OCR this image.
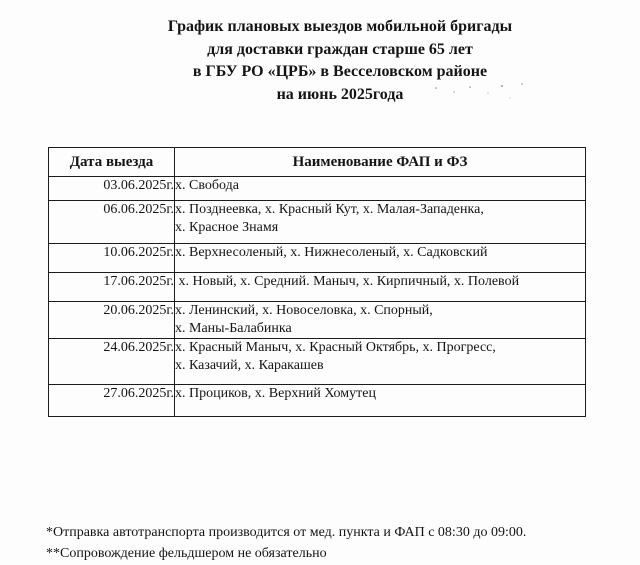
График плановых выездов мобильной бригады
для доставки граждан старше 65 лет
в ГБУ РО «ЦРБ» в Весселовском районе
на июнь 2025года
Дата выезда	Наименование ФАП и ФЗ
03.06.2025г.	х. Свобода

06.06.2025г.	х. Позднеевка, х. Красный Кут, х. Малая-Западенка,
х. Красное Знамя

10.06.2025г.	х. Верхнесоленый, х. Нижнесоленый, х. Садковский

17.06.2025г.	х. Новый, х. Средний. Маныч, х. Кирпичный, х. Полевой

20.06.2025г.	х. Ленинский, х. Новоселовка, х. Спорный,
х. Маны-Балабинка

24.06.2025г.	х. Красный Маныч, х. Красный Октябрь, х. Прогресс,
х. Казачий, х. Каракашев

27.06.2025г.	х. Проциков, х. Верхний Хомутец
*Отправка автотранспорта производится от мед. пункта и ФАП с 08:30 до 09:00.
**Сопровождение фельдшером не обязательно
